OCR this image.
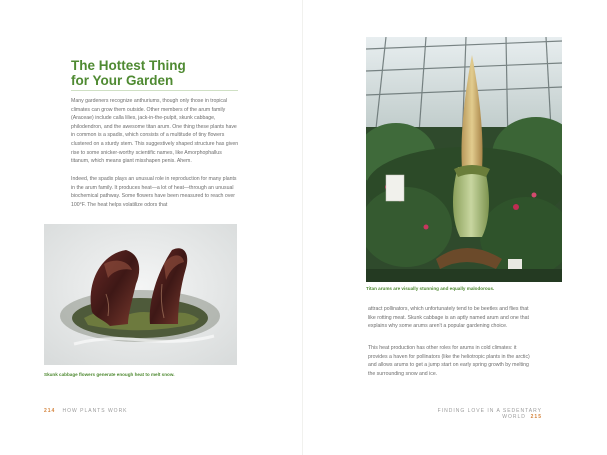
The Hottest Thing
for Your Garden

Many gardeners recognize anthuriums, though only those in tropical climates can grow them outside. Other members of the arum family (Araceae) include calla lilies, jack-in-the-pulpit, skunk cabbage, philodendron, and the awesome titan arum. One thing these plants have in common is a spadix, which consists of a multitude of tiny flowers clustered on a sturdy stem. This suggestively shaped structure has given rise to some snicker-worthy scientific names, like Amorphophallus titanum, which means giant misshapen penis. Ahem.

Indeed, the spadix plays an unusual role in reproduction for many plants in the arum family. It produces heat—a lot of heat—through an unusual biochemical pathway. Some flowers have been measured to reach over 100°F. The heat helps volatilize odors that

Skunk cabbage flowers generate enough heat to melt snow.
214 HOW PLANTS WORK
Titan arums are visually stunning and equally malodorous.

attract pollinators, which unfortunately tend to be beetles and flies that like rotting meat. Skunk cabbage is an aptly named arum and one that explains why some arums aren't a popular gardening choice.

This heat production has other roles for arums in cold climates: it provides a haven for pollinators (like the heliotropic plants in the arctic) and allows arums to get a jump start on early spring growth by melting the surrounding snow and ice.

FINDING LOVE IN A SEDENTARY WORLD 215
